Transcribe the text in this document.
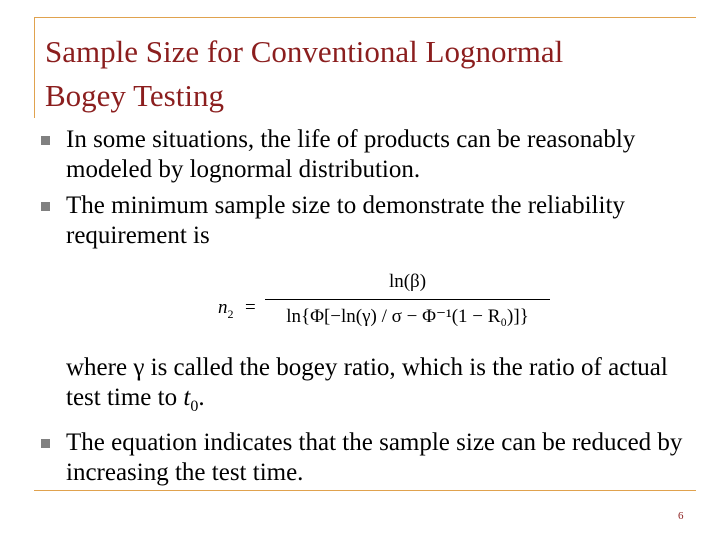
Sample Size for Conventional Lognormal
Bogey Testing
In some situations, the life of products can be reasonably modeled by lognormal distribution.
The minimum sample size to demonstrate the reliability requirement is
$n_2$ =
ln(β)
ln{Φ[−ln(γ) / σ − Φ⁻¹(1 − R₀)]}
where γ is called the bogey ratio, which is the ratio of actual test time to $t_0$.
The equation indicates that the sample size can be reduced by increasing the test time.
6
